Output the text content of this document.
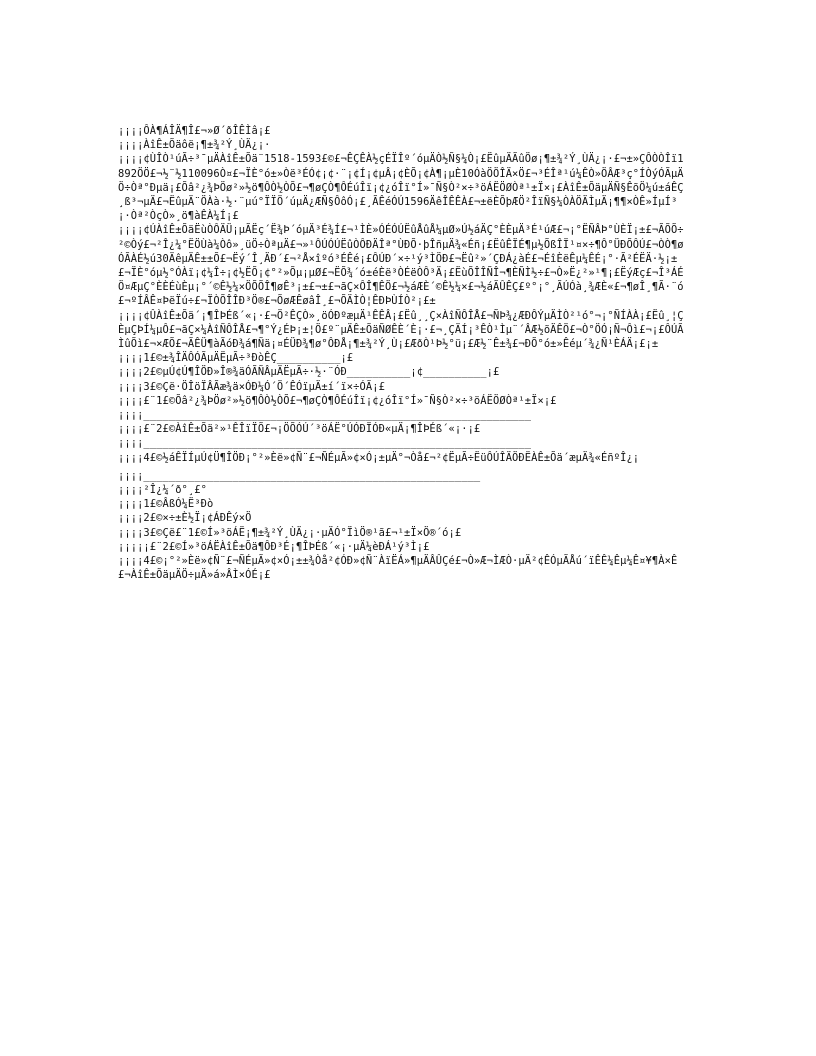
¡¡¡¡ÔÀ¶ÁÎÄ¶Î£¬»Ø´ðÎÊÌâ¡£

¡¡¡¡ÀîÊ±Õäôë¡¶±¾²Ý¸ÙÄ¿¡·

¡¡¡¡¢ÙÎÒ¹úÃ÷³¯µÄÀîÊ±Õä¨1518-1593£©£¬ÊÇÊÀ½çÉÏÎº´óµÄÒ½Ñ§¼Ò¡£ËûµÄÃûÖø¡¶±¾²Ý¸ÙÄ¿¡·£¬±»ÇÔÒÒÎï1892ÖÖ£¬½¨½110096Ò¤£¬ÏÈ°ó±»Òë³ÉÓ¢¡¢·¨¡¢Í¡¢µÂ¡¢ÈÕ¡¢À¶¡µÈ10ÓàÖÖÎÄ×Ö£¬³ÉÎª¹ú¼ÊÒ»ÖÂÆ³ç°ÍÒýÓÃµÄÖ÷Òª°Ðµä¡£Õâ²¿¾ÞÖø²»½ö¶ÔÒ½ÒÕ£¬¶øÇÒ¶ÔÉúÎï¡¢¿óÎï°Í»¯Ñ§Ò²×÷³öÁËÖØÒª¹±Ï×¡£ÀîÊ±ÕäµÄÑ§ÊõÖ¼ú±áÊÇ¸ß³¬µÄ£¬ËûµÄ¨ÖÀà·½·¨µú°ÏÏÖ´úµÄ¿ÆÑ§ÔôÓ¡£¸ÃÊéÓÚ1596ÄêÎÊÊÀ£¬±ëÈÕþÆÖ²ÎïÑ§¼ÒÀÖÄÌµÄ¡¶¶×ÒÊ»ÍµÍ³¡·Òª²ÒçÒ»¸ö¶àÊÀ¼Í¡£

¡¡¡¡¢ÚÀîÊ±ÕäËùÒÔÄÜ¡µÃËç´Ë¾Þ´óµÄ³É¾Í£¬¹ÌÈ»ÓÉÓÚËûÅûÅ¼µØ»Ú½áÄÇ°ÈÈµÄ³É¹úÆ£¬¡°ËÑÂÞ°ÙÈÏ¡±£¬ÃÕÕ÷²©Òý£¬²Î¿¼°ËÖÙà¼Òô»¸üÖ÷ÒªµÄ£¬»¹ÔÚÓÚËûÒÔÐÄÎª°ÙÐÕ·þÎñµÄ¾«Éñ¡£ËûÊÏÉ¶µ½ÕßÎÏ¹¤×÷¶Ô°ÜÐÕÔÚ£¬ÒÒ¶øÓÃÀÉ½ú30ÄêµÄÊ±±Õ£¬Ëý´Î¸ÄÐ´£¬²Å×îºó³ÉÊé¡£ÔÚÐ´×÷¹ý³ÌÖÐ£¬Ëû²»´ÇÐÁ¿àÉ£¬ÉîÈëÊµ¼ÊÉ¡°·Ã²ÉËÄ·½¡±£¬ÏÈ°óµ½°ÓÀï¡¢¼Î÷¡¢½ËÕ¡¢°²»Õµ¡µØ£¬ËÕ¾´ó±éÈë³ÒÉëÒÔ³Ä¡£ËùÕÎÎÑÎ¬¶ÈÑÌ½÷£¬Ò»Ë¿²»¹¶¡£ËýÆç£¬Î³ÁÉÖ¤ÆµÇ°ÈÈÉùÈµ¡°´©Ê½¼×ÖÕÕÎ¶øÊ³¡±£¬±£¬ãÇ×ÔÎ¶ÊÖ£¬½áÆÈ´©Ê½¼×£¬½áÃÛÊÇ£º°¡°¸ÃÚÓà¸¾ÆÈ«£¬¶øÎ¸¶Ã·¨ó£¬ºÍÂÊ¤ÞëÏú÷£¬ÏÒÕÎÎÐ³Ö®£¬ÕøÆÊøâÎ¸£¬ÕÄÌÒ¦ÊÐÞÙÍÒ²¡£±

¡¡¡¡¢ÛÀîÊ±Õä´¡¶ÎÞÉß´«¡·£¬Ö²ÊÇÒ»¸öÓÐºæµÄ¹ÊÊÂ¡£Ëû¸¸Ç×ÀîÑÔÎÅ£¬ÑÞ¾¿ÆÐÔÝµÄÌÒ²¹ó°¬¡°ÑÍÀÀ¡£Ëû¸¦ÇÈµÇÞÍ¼µÔ£¬ãÇ×¼ÀîÑÔÎÅ£¬¶°Ý¿ÉÞ¡±¦Ö£º¨µÄÊ±ÕäÑØÊÈ´È¡·£¬¸ÇÄÍ¡³ÊÒ¹Ìµ¨´ÂÆ½õÄÊÖ£¬Ò°ÖÓ¡Ñ¬Ôì£¬¡£ÔÚÃÌûÕì£¬×ÆÕ£¬ÃÊÜ¶àÃóÐ¾á¶Ñä¡¤ÉÜÐ¾¶ø°ÔÐÅ¡¶±¾²Ý¸Ù¡£ÆðÒ¹Þ½°ü¡£Æ½¨Ê±¾£¬ÐÕ°ó±»Êéµ´¾¿Ñ¹ÈÁÄ¡£¡±

¡¡¡¡1£©±¾ÎÄÔÓÃµÄËµÃ÷³ÐòÊÇ__________¡£

¡¡¡¡2£©µÚ¢Ú¶ÎÖÐ»Î®¾äÓÃÑÂµÄËµÃ÷·½·¨ÓÐ__________¡¢__________¡£

¡¡¡¡3£©Çë·ÖÎöÏÂÃæ¾ä×ÓÐ¼Ó´Ö´ÊÓïµÄ±í´ï×÷ÓÃ¡£

¡¡¡¡£¨1£©Õâ²¿¾ÞÖø²»½ö¶ÔÒ½ÒÕ£¬¶øÇÒ¶ÔÉúÎï¡¢¿óÎï°Í»¯Ñ§Ò²×÷³öÁËÖØÒª¹±Ï×¡£

¡¡¡¡_____________________________________________________________

¡¡¡¡£¨2£©ÀîÊ±Õä²»¹ÊÎïÏÕ£¬¡ÖÕÓÚ´³öÁË°ÚÓÐÏÓÐ«µÄ¡¶ÎÞÉß´«¡·¡£

¡¡¡¡_____________________________________________________________

¡¡¡¡4£©½áÊÏÍµÚ¢Ü¶ÎÖÐ¡°²»Èë»¢Ñ¨£¬ÑÉµÃ»¢×Ó¡±µÄ°¬Òå£¬²¢ËµÃ÷ËüÔÚÎÄÖÐËÀÊ±Õä´æµÄ¾«ÉñºÎ¿¡

¡¡¡¡_____________________________________________________

¡¡¡¡²Î¿¼´ð°¸£°

¡¡¡¡1£©ÂßÓ¼Ë³Ðò

¡¡¡¡2£©×÷±È½Ï¡¢ÁÐÊý×Ö

¡¡¡¡3£©Çë£¨1£©Í»³öÁË¡¶±¾²Ý¸ÙÄ¿¡·µÄÓ°ÏìÖ®¹ã£¬¹±Ï×Ö®´ó¡£

¡¡¡¡¡£¨2£©Í»³öÁËÀîÊ±Õä¶ÔÐ³É¡¶ÎÞÉß´«¡·µÄ¼èÐÁ¹ý³Ì¡£

¡¡¡¡4£©¡°²»Èë»¢Ñ¨£¬ÑÉµÃ»¢×Ó¡±±¾Òå²¢ÓÐ»¢Ñ¨ÀïËÁ»¶µÄÂÛÇé£¬Ò»Æ¬ÌÆÒ·µÄ²¢ÊÓµÃÅú´ïÊÊ¼Êµ¼Ê¤¥¶À×Ê£¬ÀîÊ±ÕäµÄÖ÷µÄ»á»ÂÌ×ÓÉ¡£
